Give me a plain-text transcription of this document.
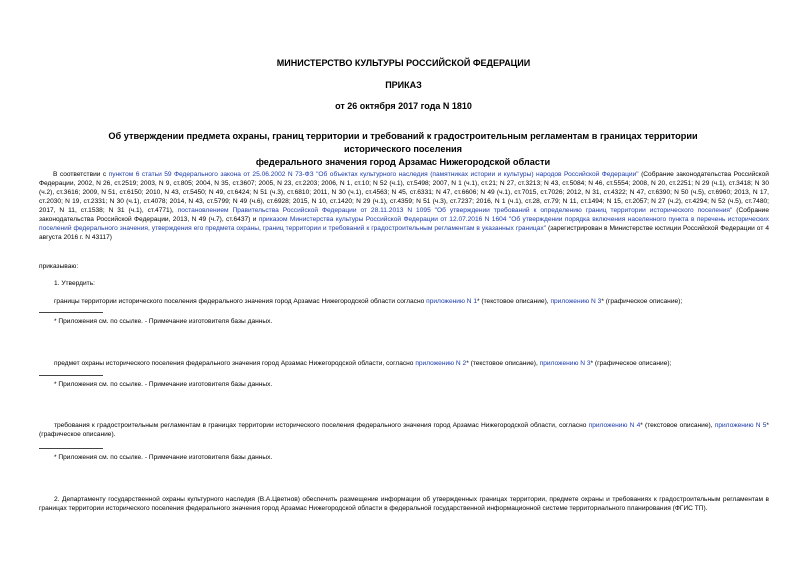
МИНИСТЕРСТВО КУЛЬТУРЫ РОССИЙСКОЙ ФЕДЕРАЦИИ
ПРИКАЗ
от 26 октября 2017 года N 1810
Об утверждении предмета охраны, границ территории и требований к градостроительным регламентам в границах территории исторического поселения
федерального значения город Арзамас Нижегородской области
В соответствии с пунктом 6 статьи 59 Федерального закона от 25.06.2002 N 73-ФЗ "Об объектах культурного наследия (памятниках истории и культуры) народов Российской Федерации" (Собрание законодательства Российской Федерации, 2002, N 26, ст.2519; 2003, N 9, ст.805; 2004, N 35, ст.3607; 2005, N 23, ст.2203; 2006, N 1, ст.10; N 52 (ч.1), ст.5498; 2007, N 1 (ч.1), ст.21; N 27, ст.3213; N 43, ст.5084; N 46, ст.5554; 2008, N 20, ст.2251; N 29 (ч.1), ст.3418; N 30 (ч.2), ст.3616; 2009, N 51, ст.6150; 2010, N 43, ст.5450; N 49, ст.6424; N 51 (ч.3), ст.6810; 2011, N 30 (ч.1), ст.4563; N 45, ст.6331; N 47, ст.6606; N 49 (ч.1), ст.7015, ст.7026; 2012, N 31, ст.4322; N 47, ст.6390; N 50 (ч.5), ст.6960; 2013, N 17, ст.2030; N 19, ст.2331; N 30 (ч.1), ст.4078; 2014, N 43, ст.5799; N 49 (ч.6), ст.6928; 2015, N 10, ст.1420; N 29 (ч.1), ст.4359; N 51 (ч.3), ст.7237; 2016, N 1 (ч.1), ст.28, ст.79; N 11, ст.1494; N 15, ст.2057; N 27 (ч.2), ст.4294; N 52 (ч.5), ст.7480; 2017, N 11, ст.1538; N 31 (ч.1), ст.4771), постановлением Правительства Российской Федерации от 28.11.2013 N 1095 "Об утверждении требований к определению границ территории исторического поселения" (Собрание законодательства Российской Федерации, 2013, N 49 (ч.7), ст.6437) и приказом Министерства культуры Российской Федерации от 12.07.2016 N 1604 "Об утверждении порядка включения населенного пункта в перечень исторических поселений федерального значения, утверждения его предмета охраны, границ территории и требований к градостроительным регламентам в указанных границах" (зарегистрирован в Министерстве юстиции Российской Федерации от 4 августа 2016 г. N 43117)
приказываю:
1. Утвердить:
границы территории исторического поселения федерального значения город Арзамас Нижегородской области согласно приложению N 1* (текстовое описание), приложению N 3* (графическое описание);
* Приложения см. по ссылке. - Примечание изготовителя базы данных.
предмет охраны исторического поселения федерального значения город Арзамас Нижегородской области, согласно приложению N 2* (текстовое описание), приложению N 3* (графическое описание);
* Приложения см. по ссылке. - Примечание изготовителя базы данных.
требования к градостроительным регламентам в границах территории исторического поселения федерального значения город Арзамас Нижегородской области, согласно приложению N 4* (текстовое описание), приложению N 5* (графическое описание).
* Приложения см. по ссылке. - Примечание изготовителя базы данных.
2. Департаменту государственной охраны культурного наследия (В.А.Цветнов) обеспечить размещение информации об утвержденных границах территории, предмете охраны и требованиях к градостроительным регламентам в границах территории исторического поселения федерального значения город Арзамас Нижегородской области в федеральной государственной информационной системе территориального планирования (ФГИС ТП).
